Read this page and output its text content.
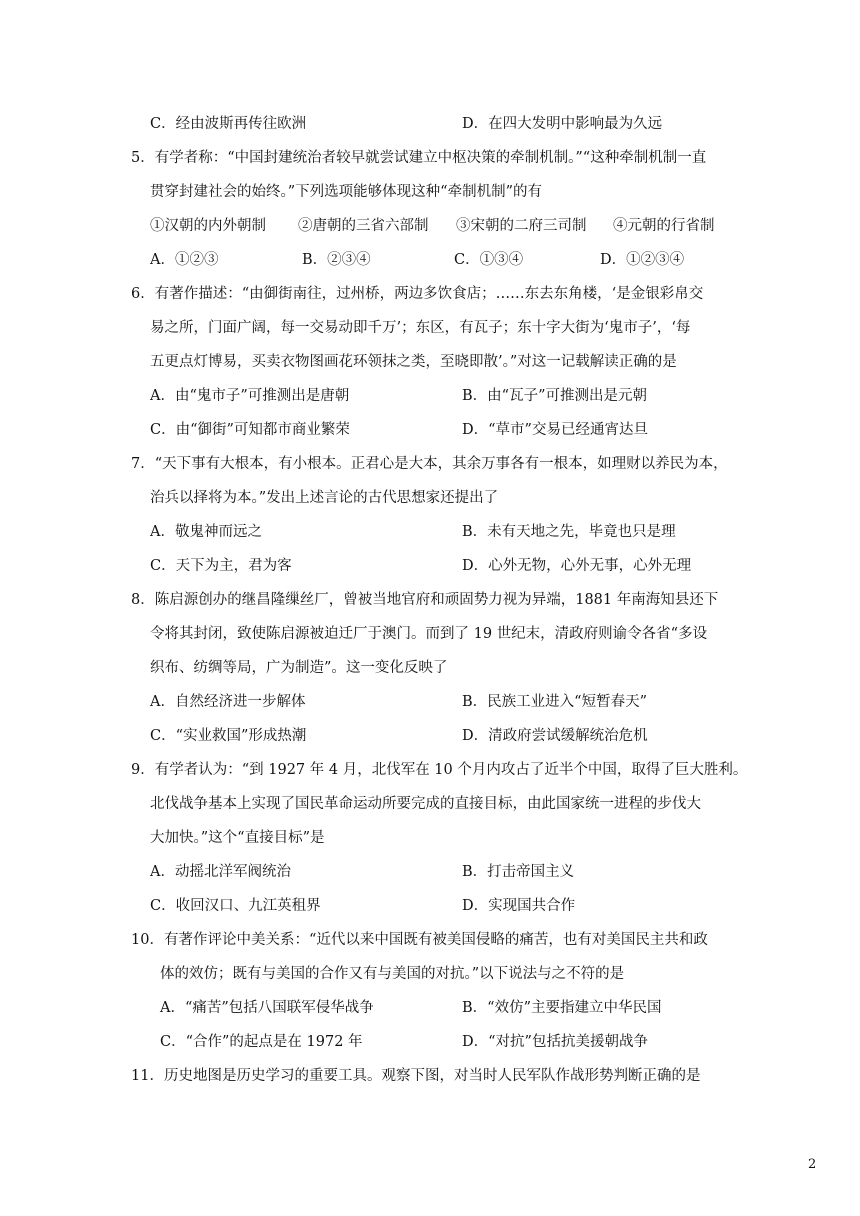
C．经由波斯再传往欧洲	D．在四大发明中影响最为久远
5．有学者称：“中国封建统治者较早就尝试建立中枢决策的牵制机制。”“这种牵制机制一直
贯穿封建社会的始终。”下列选项能够体现这种“牵制机制”的有
①汉朝的内外朝制 ②唐朝的三省六部制 ③宋朝的二府三司制 ④元朝的行省制
A．①②③	B．②③④	C．①③④	D．①②③④
6．有著作描述：“由御街南往，过州桥，两边多饮食店；……东去东角楼，‘是金银彩帛交
易之所，门面广阔，每一交易动即千万’；东区，有瓦子；东十字大街为‘鬼市子’，‘每
五更点灯博易，买卖衣物图画花环领抹之类，至晓即散’。”对这一记载解读正确的是
A．由“鬼市子”可推测出是唐朝	B．由“瓦子”可推测出是元朝
C．由“御街”可知都市商业繁荣	D．“草市”交易已经通宵达旦
7．“天下事有大根本，有小根本。正君心是大本，其余万事各有一根本，如理财以养民为本，
治兵以择将为本。”发出上述言论的古代思想家还提出了
A．敬鬼神而远之	B．未有天地之先，毕竟也只是理
C．天下为主，君为客	D．心外无物，心外无事，心外无理
8．陈启源创办的继昌隆缫丝厂，曾被当地官府和顽固势力视为异端，1881 年南海知县还下
令将其封闭，致使陈启源被迫迁厂于澳门。而到了 19 世纪末，清政府则谕令各省“多设
织布、纺绸等局，广为制造”。这一变化反映了
A．自然经济进一步解体	B．民族工业进入“短暂春天”
C．“实业救国”形成热潮	D．清政府尝试缓解统治危机
9．有学者认为：“到 1927 年 4 月，北伐军在 10 个月内攻占了近半个中国，取得了巨大胜利。
北伐战争基本上实现了国民革命运动所要完成的直接目标，由此国家统一进程的步伐大
大加快。”这个“直接目标”是
A．动摇北洋军阀统治	B．打击帝国主义
C．收回汉口、九江英租界	D．实现国共合作
10．有著作评论中美关系：“近代以来中国既有被美国侵略的痛苦，也有对美国民主共和政
体的效仿；既有与美国的合作又有与美国的对抗。”以下说法与之不符的是
A．“痛苦”包括八国联军侵华战争	B．“效仿”主要指建立中华民国
C．“合作”的起点是在 1972 年	D．“对抗”包括抗美援朝战争
11．历史地图是历史学习的重要工具。观察下图，对当时人民军队作战形势判断正确的是
2
